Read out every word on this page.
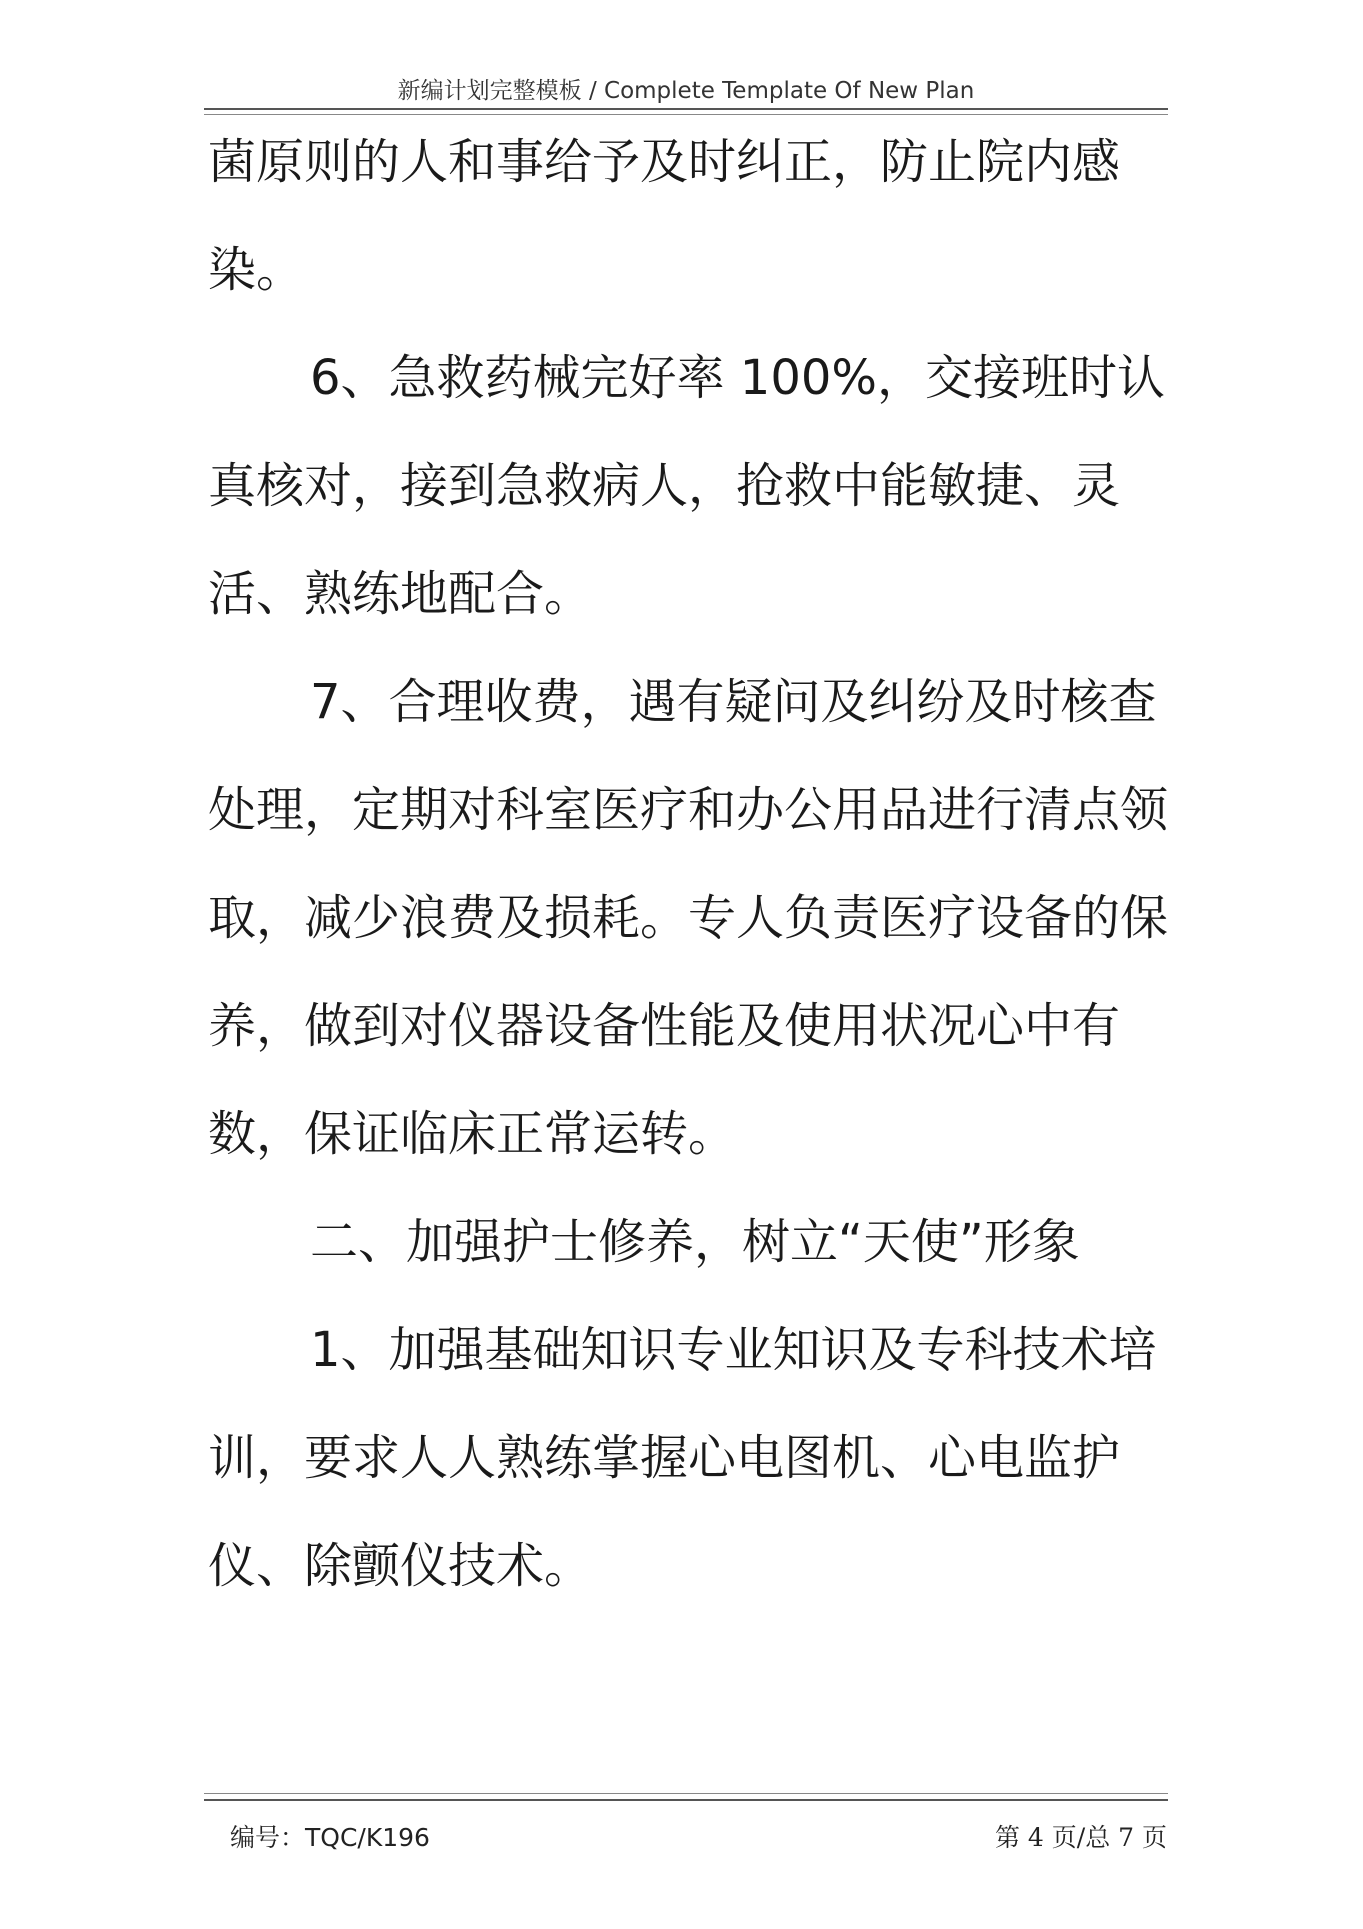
新编计划完整模板 / Complete Template Of New Plan

菌原则的人和事给予及时纠正，防止院内感染。

6、急救药械完好率 100%，交接班时认真核对，接到急救病人，抢救中能敏捷、灵活、熟练地配合。

7、合理收费，遇有疑问及纠纷及时核查处理，定期对科室医疗和办公用品进行清点领取，减少浪费及损耗。专人负责医疗设备的保养，做到对仪器设备性能及使用状况心中有数，保证临床正常运转。

二、加强护士修养，树立“天使”形象

1、加强基础知识专业知识及专科技术培训，要求人人熟练掌握心电图机、心电监护仪、除颤仪技术。

编号：TQC/K196	第 4 页/总 7 页
